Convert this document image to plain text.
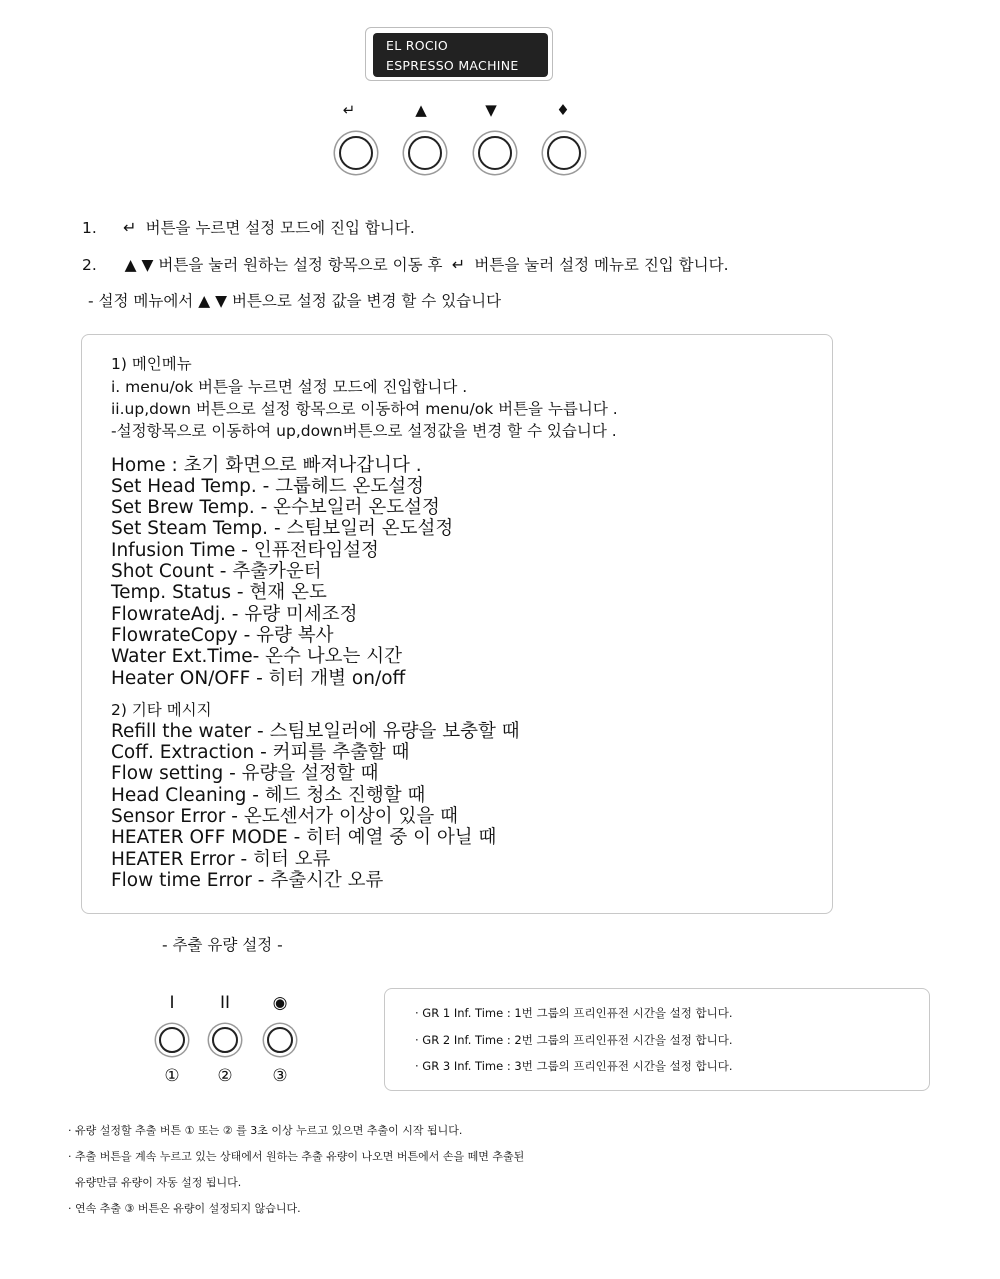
EL ROCIO
ESPRESSO MACHINE
↵	▲	▼	♦
1. ↵ 버튼을 누르면 설정 모드에 진입 합니다.
2. ▲ ▼ 버튼을 눌러 원하는 설정 항목으로 이동 후 ↵ 버튼을 눌러 설정 메뉴로 진입 합니다.
- 설정 메뉴에서 ▲ ▼ 버튼으로 설정 값을 변경 할 수 있습니다
1) 메인메뉴
i. menu/ok 버튼을 누르면 설정 모드에 진입합니다 .
ii.up,down 버튼으로 설정 항목으로 이동하여 menu/ok 버튼을 누릅니다 .
-설정항목으로 이동하여 up,down버튼으로 설정값을 변경 할 수 있습니다 .
Home : 초기 화면으로 빠져나갑니다 .
Set Head Temp. - 그룹헤드 온도설정
Set Brew Temp. - 온수보일러 온도설정
Set Steam Temp. - 스팀보일러 온도설정
Infusion Time - 인퓨전타임설정
Shot Count - 추출카운터
Temp. Status - 현재 온도
FlowrateAdj. - 유량 미세조정
FlowrateCopy - 유량 복사
Water Ext.Time- 온수 나오는 시간
Heater ON/OFF - 히터 개별 on/off
2) 기타 메시지
Refill the water - 스팀보일러에 유량을 보충할 때
Coff. Extraction - 커피를 추출할 때
Flow setting - 유량을 설정할 때
Head Cleaning - 헤드 청소 진행할 때
Sensor Error - 온도센서가 이상이 있을 때
HEATER OFF MODE - 히터 예열 중 이 아닐 때
HEATER Error - 히터 오류
Flow time Error - 추출시간 오류
- 추출 유량 설정 -
I	II	◉
①	②	③
· GR 1 Inf. Time : 1번 그룹의 프리인퓨전 시간을 설정 합니다.
· GR 2 Inf. Time : 2번 그룹의 프리인퓨전 시간을 설정 합니다.
· GR 3 Inf. Time : 3번 그룹의 프리인퓨전 시간을 설정 합니다.
· 유량 설정할 추출 버튼 ① 또는 ② 를 3초 이상 누르고 있으면 추출이 시작 됩니다.
· 추출 버튼을 계속 누르고 있는 상태에서 원하는 추출 유량이 나오면 버튼에서 손을 떼면 추출된
유량만큼 유량이 자동 설정 됩니다.
· 연속 추출 ③ 버튼은 유량이 설정되지 않습니다.
